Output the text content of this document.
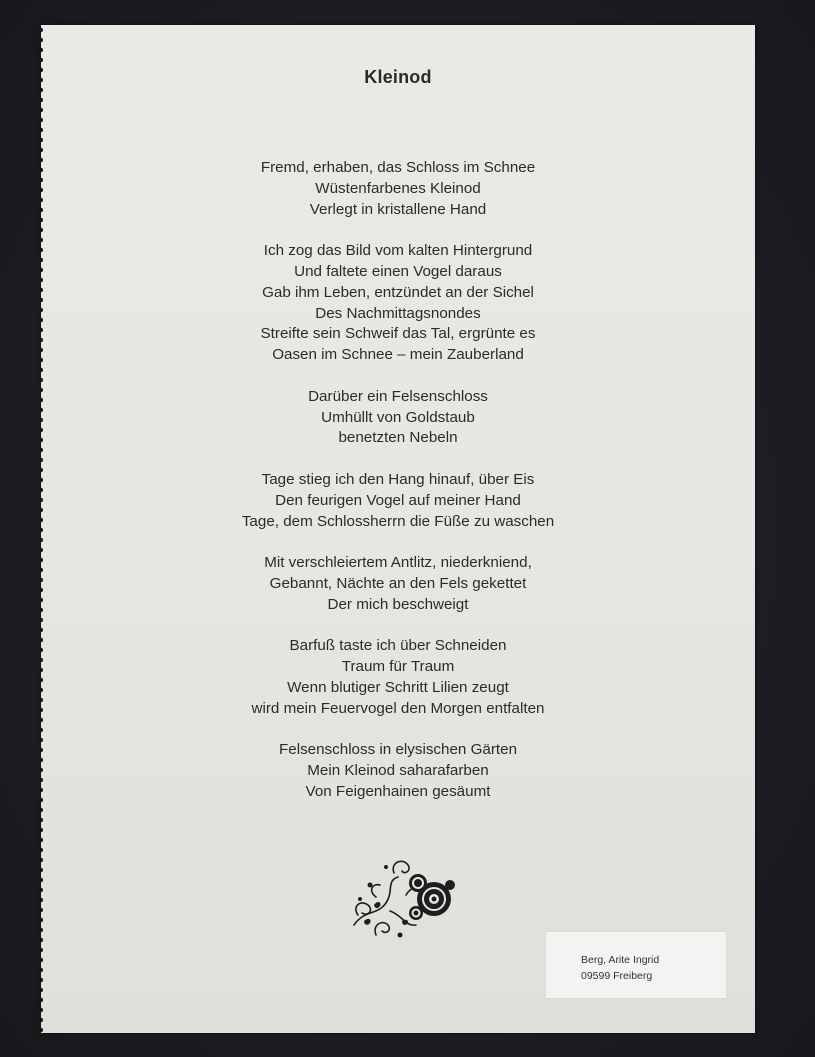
Kleinod
Fremd, erhaben, das Schloss im Schnee
Wüstenfarbenes Kleinod
Verlegt in kristallene Hand
Ich zog das Bild vom kalten Hintergrund
Und faltete einen Vogel daraus
Gab ihm Leben, entzündet an der Sichel
Des Nachmittagsnondes
Streifte sein Schweif das Tal, ergrünte es
Oasen im Schnee – mein Zauberland
Darüber ein Felsenschloss
Umhüllt von Goldstaub
benetzten Nebeln
Tage stieg ich den Hang hinauf, über Eis
Den feurigen Vogel auf meiner Hand
Tage, dem Schlossherrn die Füße zu waschen
Mit verschleiertem Antlitz, niederkniend,
Gebannt, Nächte an den Fels gekettet
Der mich beschweigt
Barfuß taste ich über Schneiden
Traum für Traum
Wenn blutiger Schritt Lilien zeugt
wird mein Feuervogel den Morgen entfalten
Felsenschloss in elysischen Gärten
Mein Kleinod saharafarben
Von Feigenhainen gesäumt
Berg, Arite Ingrid
09599 Freiberg
